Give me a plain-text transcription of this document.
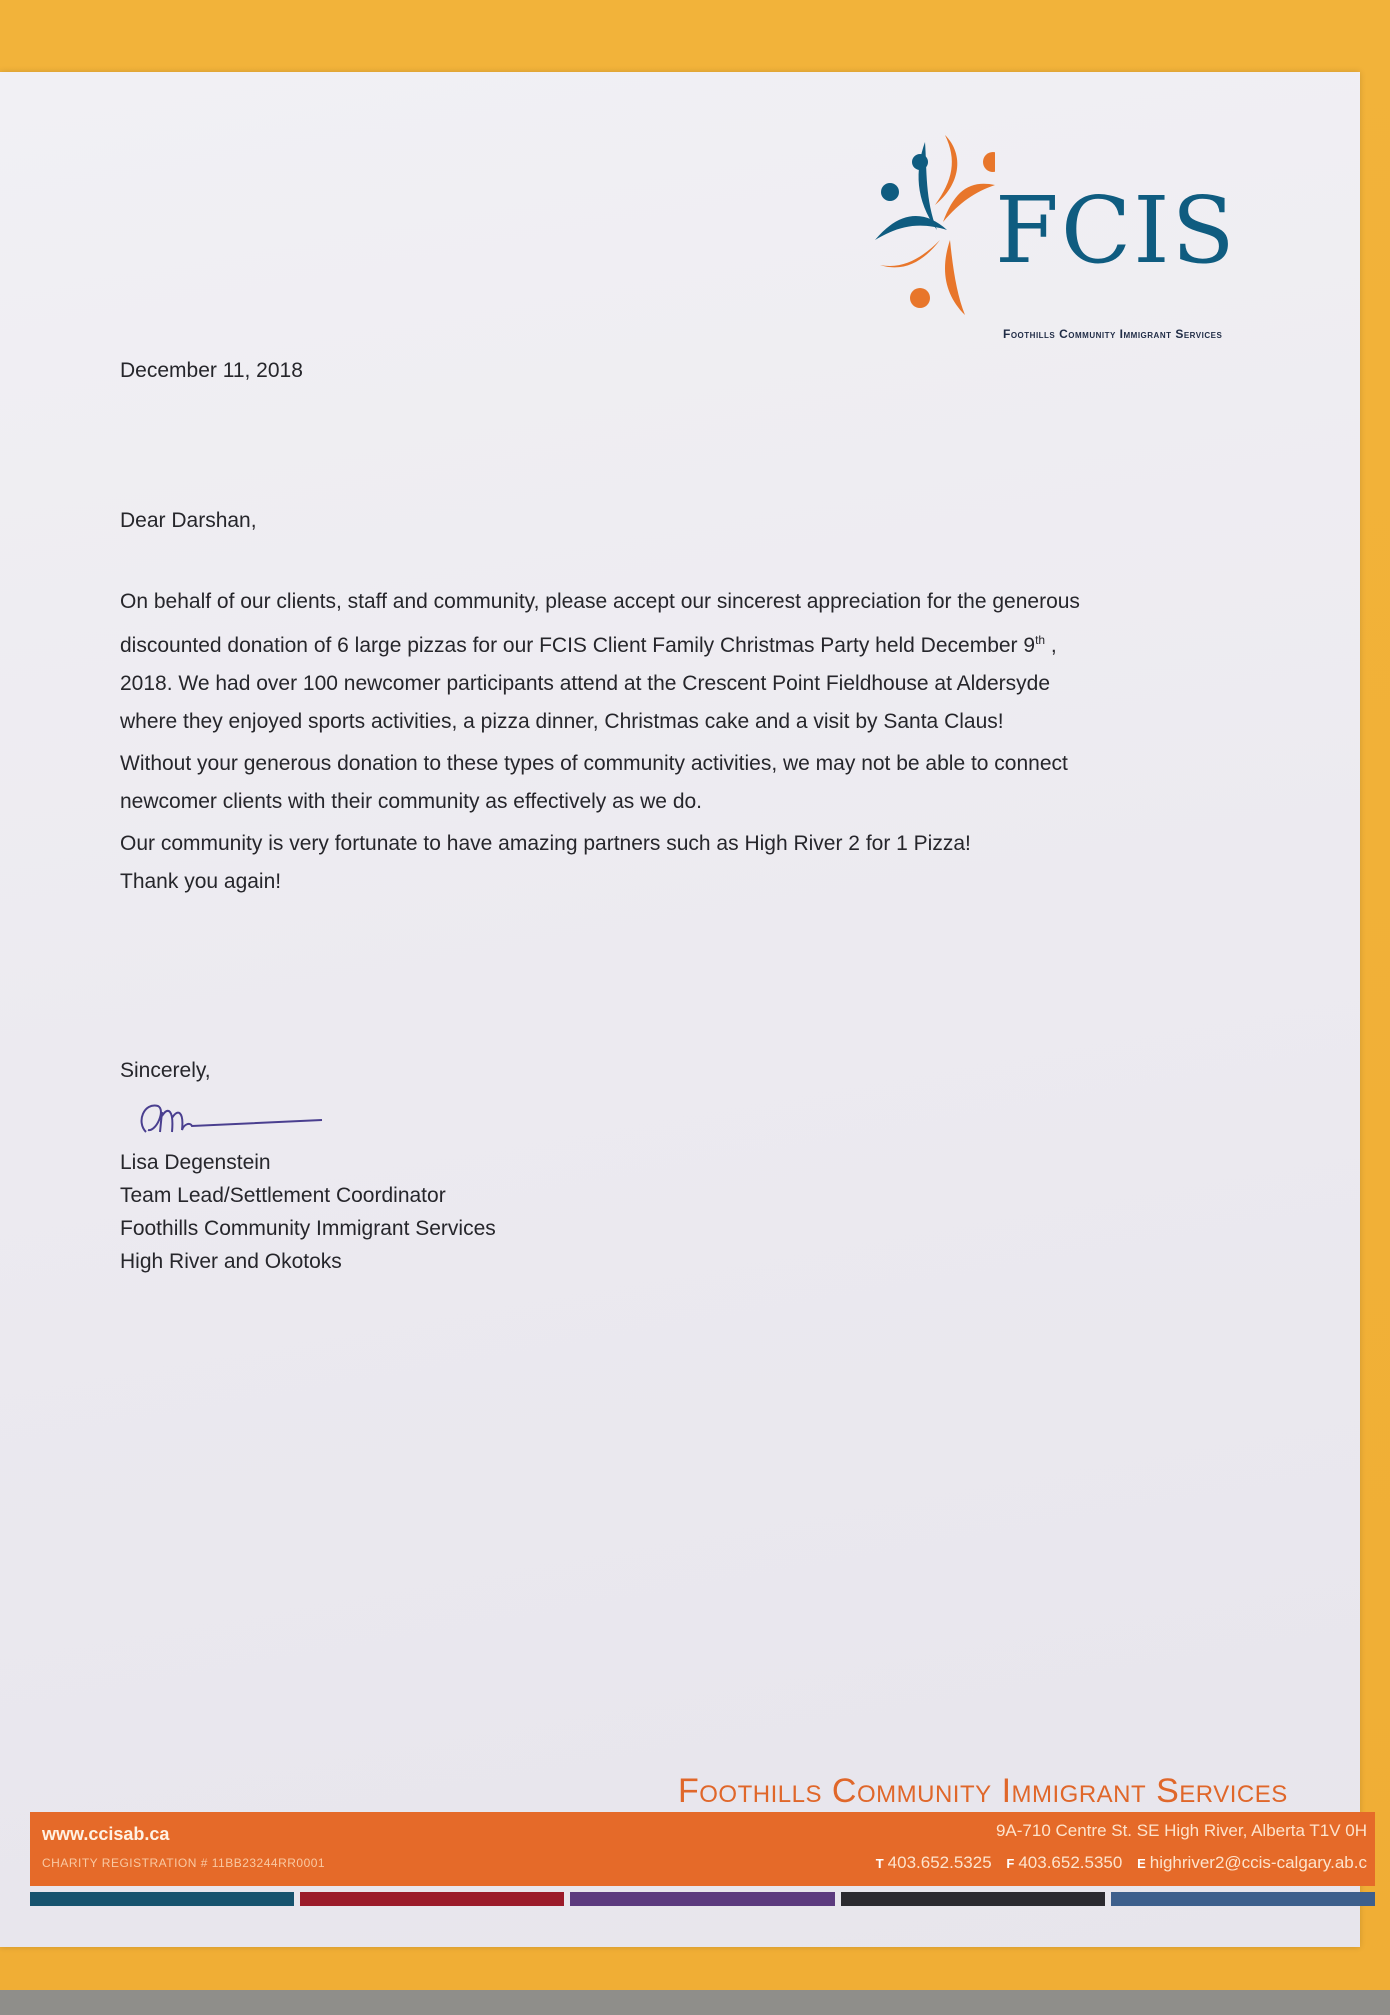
FCIS
Foothills Community Immigrant Services
December 11, 2018
Dear Darshan,

On behalf of our clients, staff and community, please accept our sincerest appreciation for the generous discounted donation of 6 large pizzas for our FCIS Client Family Christmas Party held December 9th , 2018. We had over 100 newcomer participants attend at the Crescent Point Fieldhouse at Aldersyde where they enjoyed sports activities, a pizza dinner, Christmas cake and a visit by Santa Claus!

Without your generous donation to these types of community activities, we may not be able to connect newcomer clients with their community as effectively as we do.

Our community is very fortunate to have amazing partners such as High River 2 for 1 Pizza!
Thank you again!

Sincerely,
Lisa Degenstein
Team Lead/Settlement Coordinator
Foothills Community Immigrant Services
High River and Okotoks
Foothills Community Immigrant Services
www.ccisab.ca
CHARITY REGISTRATION # 11BB23244RR0001
9A-710 Centre St. SE High River, Alberta T1V 0H
T 403.652.5325 F 403.652.5350 E highriver2@ccis-calgary.ab.c
